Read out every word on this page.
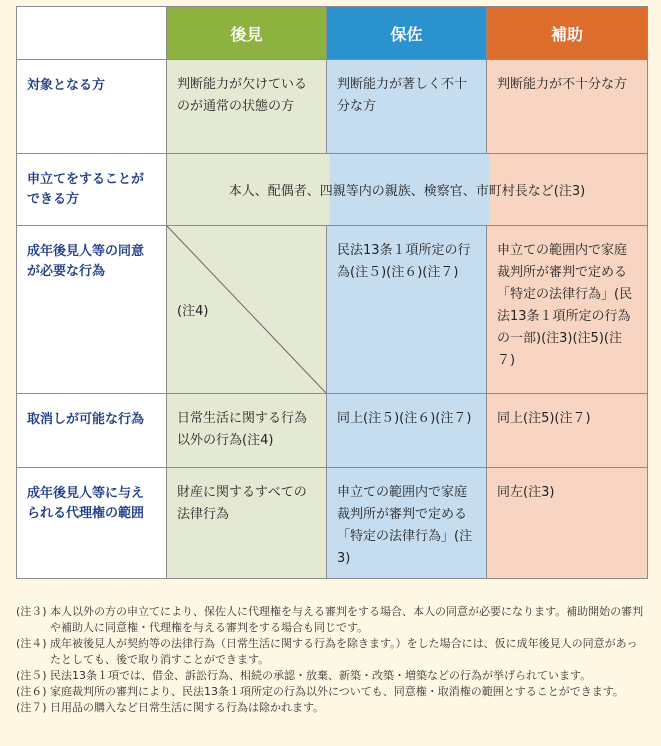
	後見	保佐	補助
対象となる方	判断能力が欠けているのが通常の状態の方	判断能力が著しく不十分な方	判断能力が不十分な方
申立てをすることができる方	本人、配偶者、四親等内の親族、検察官、市町村長など(注3)		
成年後見人等の同意が必要な行為	(注4)	民法13条１項所定の行為(注５)(注６)(注７)	申立ての範囲内で家庭裁判所が審判で定める「特定の法律行為」(民法13条１項所定の行為の一部)(注3)(注5)(注７)
取消しが可能な行為	日常生活に関する行為以外の行為(注4)	同上(注５)(注６)(注７)	同上(注5)(注７)
成年後見人等に与えられる代理権の範囲	財産に関するすべての法律行為	申立ての範囲内で家庭裁判所が審判で定める「特定の法律行為」(注3)	同左(注3)
(注３) 本人以外の方の申立てにより、保佐人に代理権を与える審判をする場合、本人の同意が必要になります。補助開始の審判や補助人に同意権・代理権を与える審判をする場合も同じです。
(注４) 成年被後見人が契約等の法律行為（日常生活に関する行為を除きます。）をした場合には、仮に成年後見人の同意があったとしても、後で取り消すことができます。
(注５) 民法13条１項では、借金、訴訟行為、相続の承認・放棄、新築・改築・増築などの行為が挙げられています。
(注６) 家庭裁判所の審判により、民法13条１項所定の行為以外についても、同意権・取消権の範囲とすることができます。
(注７) 日用品の購入など日常生活に関する行為は除かれます。
